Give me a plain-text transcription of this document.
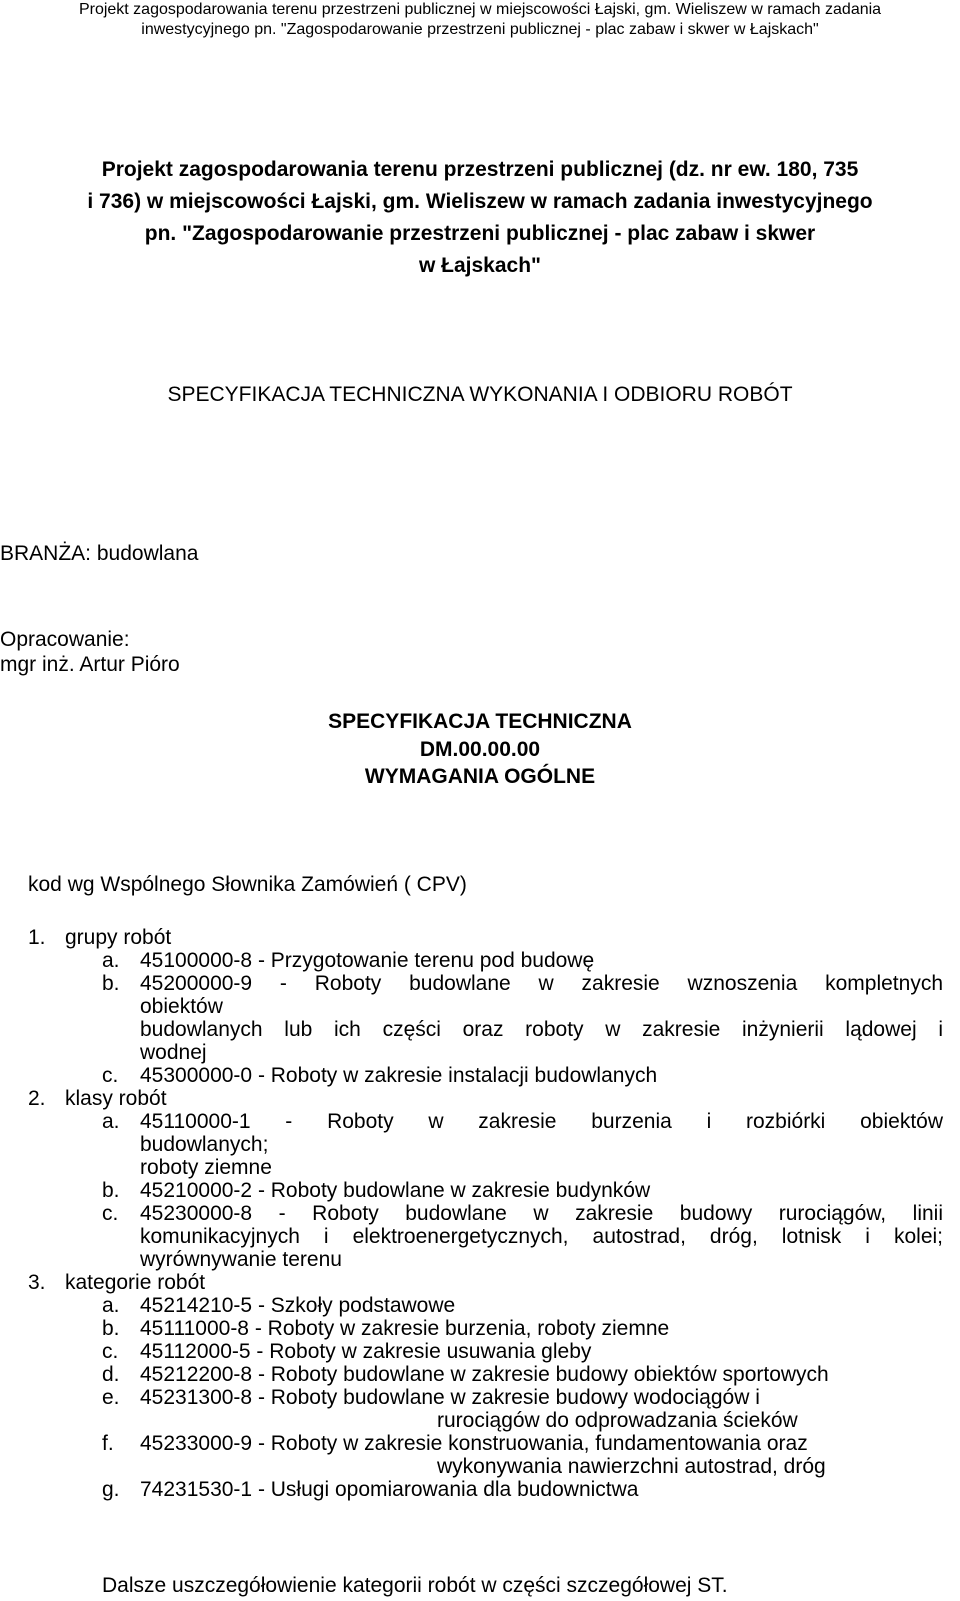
Projekt zagospodarowania terenu przestrzeni publicznej w miejscowości Łajski, gm. Wieliszew w ramach zadania
inwestycyjnego pn. "Zagospodarowanie przestrzeni publicznej - plac zabaw i skwer w Łajskach"
Projekt zagospodarowania terenu przestrzeni publicznej (dz. nr ew. 180, 735
i 736) w miejscowości Łajski, gm. Wieliszew w ramach zadania inwestycyjnego
pn. "Zagospodarowanie przestrzeni publicznej - plac zabaw i skwer
w Łajskach"
SPECYFIKACJA TECHNICZNA WYKONANIA I ODBIORU ROBÓT
BRANŻA: budowlana
Opracowanie:
mgr inż. Artur Pióro
SPECYFIKACJA TECHNICZNA
DM.00.00.00
WYMAGANIA OGÓLNE
kod wg Wspólnego Słownika Zamówień ( CPV)
1. grupy robót
a. 45100000-8 - Przygotowanie terenu pod budowę
b. 45200000-9 - Roboty budowlane w zakresie wznoszenia kompletnych
obiektów
budowlanych lub ich części oraz roboty w zakresie inżynierii lądowej i
wodnej
c. 45300000-0 - Roboty w zakresie instalacji budowlanych
2. klasy robót
a. 45110000-1 - Roboty w zakresie burzenia i rozbiórki obiektów
budowlanych;
roboty ziemne
b. 45210000-2 - Roboty budowlane w zakresie budynków
c. 45230000-8 - Roboty budowlane w zakresie budowy rurociągów, linii
komunikacyjnych i elektroenergetycznych, autostrad, dróg, lotnisk i kolei;
wyrównywanie terenu
3. kategorie robót
a. 45214210-5 - Szkoły podstawowe
b. 45111000-8 - Roboty w zakresie burzenia, roboty ziemne
c. 45112000-5 - Roboty w zakresie usuwania gleby
d. 45212200-8 - Roboty budowlane w zakresie budowy obiektów sportowych
e. 45231300-8 - Roboty budowlane w zakresie budowy wodociągów i
rurociągów do odprowadzania ścieków
f. 45233000-9 - Roboty w zakresie konstruowania, fundamentowania oraz
wykonywania nawierzchni autostrad, dróg
g. 74231530-1 - Usługi opomiarowania dla budownictwa
Dalsze uszczegółowienie kategorii robót w części szczegółowej ST.
